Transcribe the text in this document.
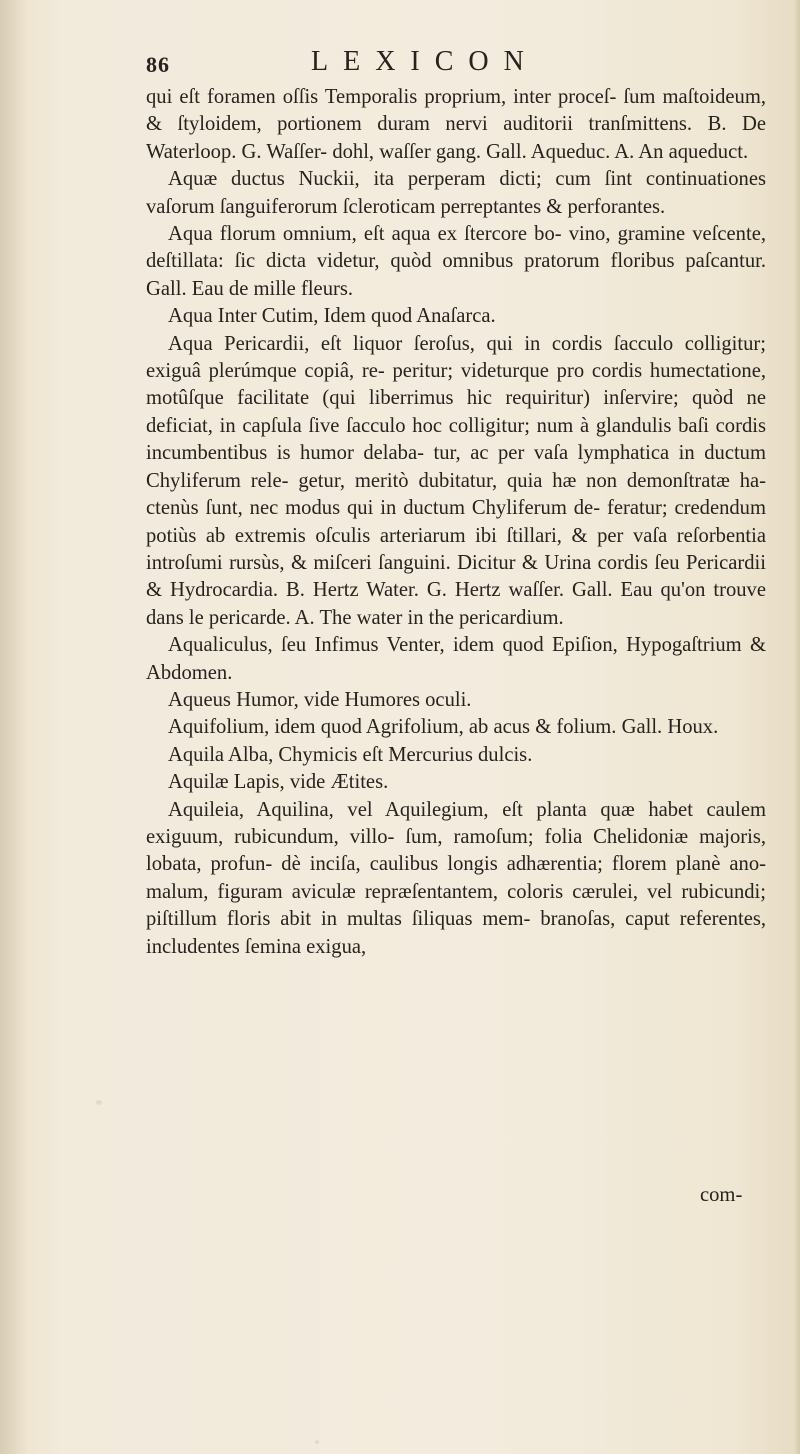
86	LEXICON

qui eſt foramen oſſis Temporalis proprium, inter proceſ- ſum maſtoideum, & ſtyloidem, portionem duram nervi auditorii tranſmittens. B. De Waterloop. G. Waſſer- dohl, waſſer gang. Gall. Aqueduc. A. An aqueduct.

Aquæ ductus Nuckii, ita perperam dicti; cum ſint continuationes vaſorum ſanguiferorum ſcleroticam perreptantes & perforantes.

Aqua florum omnium, eſt aqua ex ſtercore bo- vino, gramine veſcente, deſtillata: ſic dicta videtur, quòd omnibus pratorum floribus paſcantur. Gall. Eau de mille fleurs.

Aqua Inter Cutim, Idem quod Anaſarca.

Aqua Pericardii, eſt liquor ſeroſus, qui in cordis ſacculo colligitur; exiguâ plerúmque copiâ, re- peritur; videturque pro cordis humectatione, motûſque facilitate (qui liberrimus hic requiritur) inſervire; quòd ne deficiat, in capſula ſive ſacculo hoc colligitur; num à glandulis baſi cordis incumbentibus is humor delaba- tur, ac per vaſa lymphatica in ductum Chyliferum rele- getur, meritò dubitatur, quia hæ non demonſtratæ ha- ctenùs ſunt, nec modus qui in ductum Chyliferum de- feratur; credendum potiùs ab extremis oſculis arteriarum ibi ſtillari, & per vaſa reſorbentia introſumi rursùs, & miſceri ſanguini. Dicitur & Urina cordis ſeu Pericardii & Hydrocardia. B. Hertz Water. G. Hertz waſſer. Gall. Eau qu'on trouve dans le pericarde. A. The water in the pericardium.

Aqualiculus, ſeu Infimus Venter, idem quod Epiſion, Hypogaſtrium & Abdomen.

Aqueus Humor, vide Humores oculi.

Aquifolium, idem quod Agrifolium, ab acus & folium. Gall. Houx.

Aquila Alba, Chymicis eſt Mercurius dulcis.

Aquilæ Lapis, vide Ætites.

Aquileia, Aquilina, vel Aquilegium, eſt planta quæ habet caulem exiguum, rubicundum, villo- ſum, ramoſum; folia Chelidoniæ majoris, lobata, profun- dè inciſa, caulibus longis adhærentia; florem planè ano- malum, figuram aviculæ repræſentantem, coloris cærulei, vel rubicundi; piſtillum floris abit in multas ſiliquas mem- branoſas, caput referentes, includentes ſemina exigua,

com-
